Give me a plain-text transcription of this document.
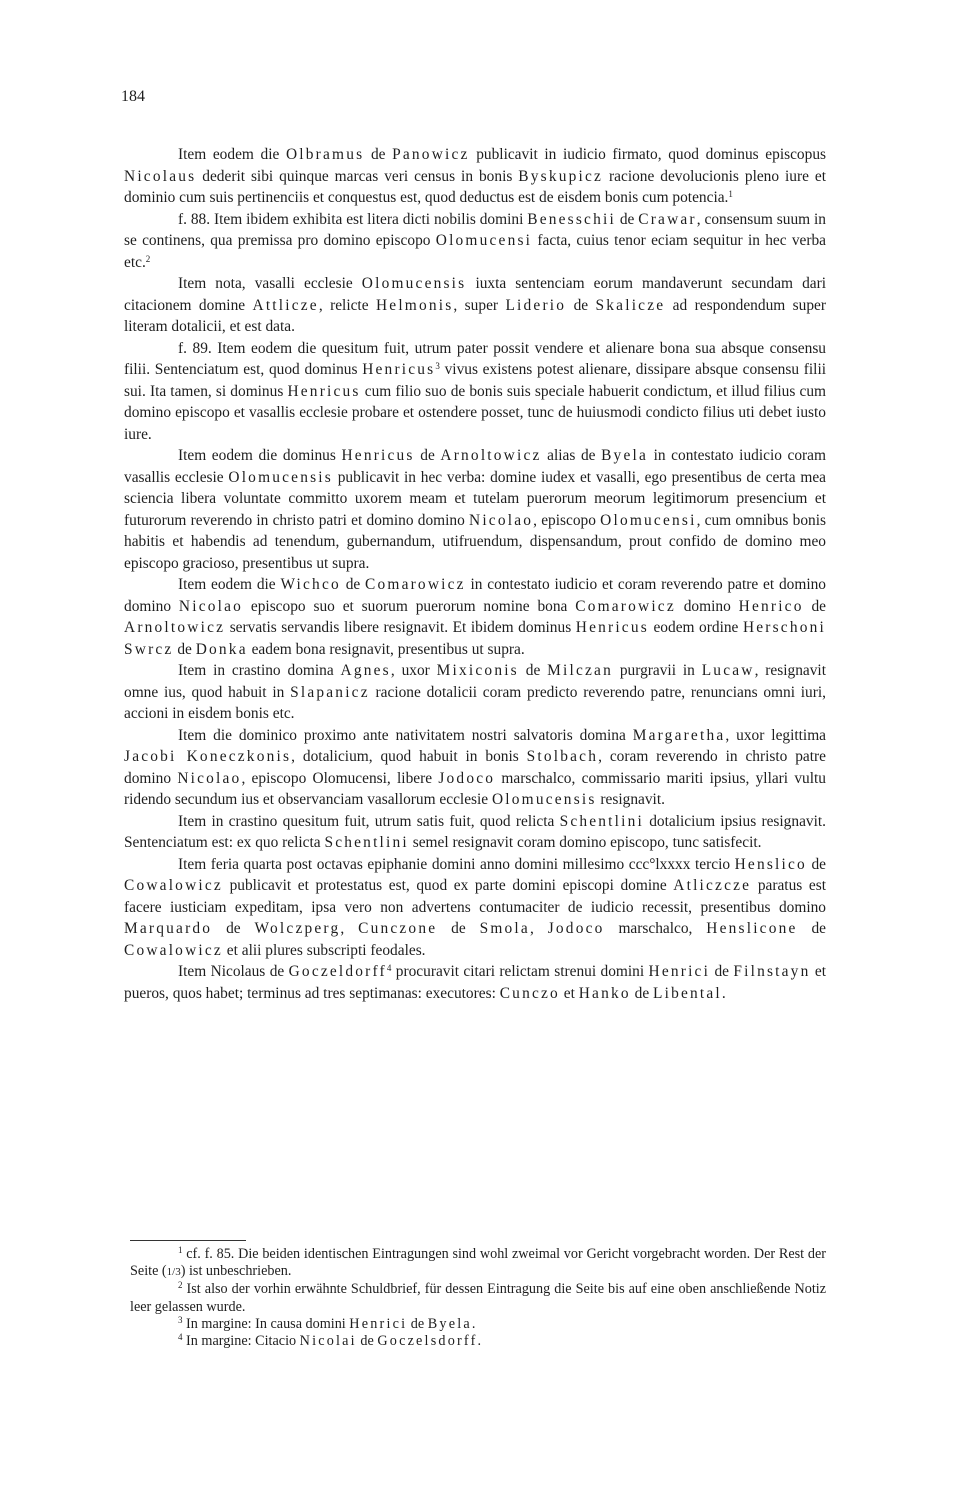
184

Item eodem die Olbramus de Panowicz publicavit in iudicio firmato, quod dominus episcopus Nicolaus dederit sibi quinque marcas veri census in bonis Byskupicz racione devolucionis pleno iure et dominio cum suis pertinenciis et conquestus est, quod deductus est de eisdem bonis cum potencia.$^1$

f. 88. Item ibidem exhibita est litera dicti nobilis domini Benesschii de Crawar, consensum suum in se continens, qua premissa pro domino episcopo Olomucensi facta, cuius tenor eciam sequitur in hec verba etc.$^2$

Item nota, vasalli ecclesie Olomucensis iuxta sentenciam eorum mandaverunt secundam dari citacionem domine Attlicze, relicte Helmonis, super Liderio de Skalicze ad respondendum super literam dotalicii, et est data.

f. 89. Item eodem die quesitum fuit, utrum pater possit vendere et alienare bona sua absque consensu filii. Sentenciatum est, quod dominus Henricus$^3$ vivus existens potest alienare, dissipare absque consensu filii sui. Ita tamen, si dominus Henricus cum filio suo de bonis suis speciale habuerit condictum, et illud filius cum domino episcopo et vasallis ecclesie probare et ostendere posset, tunc de huiusmodi condicto filius uti debet iusto iure.

Item eodem die dominus Henricus de Arnoltowicz alias de Byela in contestato iudicio coram vasallis ecclesie Olomucensis publicavit in hec verba: domine iudex et vasalli, ego presentibus de certa mea sciencia libera voluntate committo uxorem meam et tutelam puerorum meorum legitimorum presencium et futurorum reverendo in christo patri et domino domino Nicolao, episcopo Olomucensi, cum omnibus bonis habitis et habendis ad tenendum, gubernandum, utifruendum, dispensandum, prout confido de domino meo episcopo gracioso, presentibus ut supra.

Item eodem die Wichco de Comarowicz in contestato iudicio et coram reverendo patre et domino domino Nicolao episcopo suo et suorum puerorum nomine bona Comarowicz domino Henrico de Arnoltowicz servatis servandis libere resignavit. Et ibidem dominus Henricus eodem ordine Herschoni Swrcz de Donka eadem bona resignavit, presentibus ut supra.

Item in crastino domina Agnes, uxor Mixiconis de Milczan purgravii in Lucaw, resignavit omne ius, quod habuit in Slapanicz racione dotalicii coram predicto reverendo patre, renuncians omni iuri, accioni in eisdem bonis etc.

Item die dominico proximo ante nativitatem nostri salvatoris domina Margaretha, uxor legittima Jacobi Koneczkonis, dotalicium, quod habuit in bonis Stolbach, coram reverendo in christo patre domino Nicolao, episcopo Olomucensi, libere Jodoco marschalco, commissario mariti ipsius, yllari vultu ridendo secundum ius et observanciam vasallorum ecclesie Olomucensis resignavit.

Item in crastino quesitum fuit, utrum satis fuit, quod relicta Schentlini dotalicium ipsius resignavit. Sentenciatum est: ex quo relicta Schentlini semel resignavit coram domino episcopo, tunc satisfecit.

Item feria quarta post octavas epiphanie domini anno domini millesimo ccc°lxxxx tercio Henslico de Cowalowicz publicavit et protestatus est, quod ex parte domini episcopi domine Atliczcze paratus est facere iusticiam expeditam, ipsa vero non advertens contumaciter de iudicio recessit, presentibus domino Marquardo de Wolczperg, Cunczone de Smola, Jodoco marschalco, Henslicone de Cowalowicz et alii plures subscripti feodales.

Item Nicolaus de Goczeldorff$^4$ procuravit citari relictam strenui domini Henrici de Filnstayn et pueros, quos habet; terminus ad tres septimanas: executores: Cunczo et Hanko de Libental.

$^1$ cf. f. 85. Die beiden identischen Eintragungen sind wohl zweimal vor Gericht vorgebracht worden. Der Rest der Seite (1/3) ist unbeschrieben.

$^2$ Ist also der vorhin erwähnte Schuldbrief, für dessen Eintragung die Seite bis auf eine oben anschließende Notiz leer gelassen wurde.

$^3$ In margine: In causa domini Henrici de Byela.

$^4$ In margine: Citacio Nicolai de Goczelsdorff.
